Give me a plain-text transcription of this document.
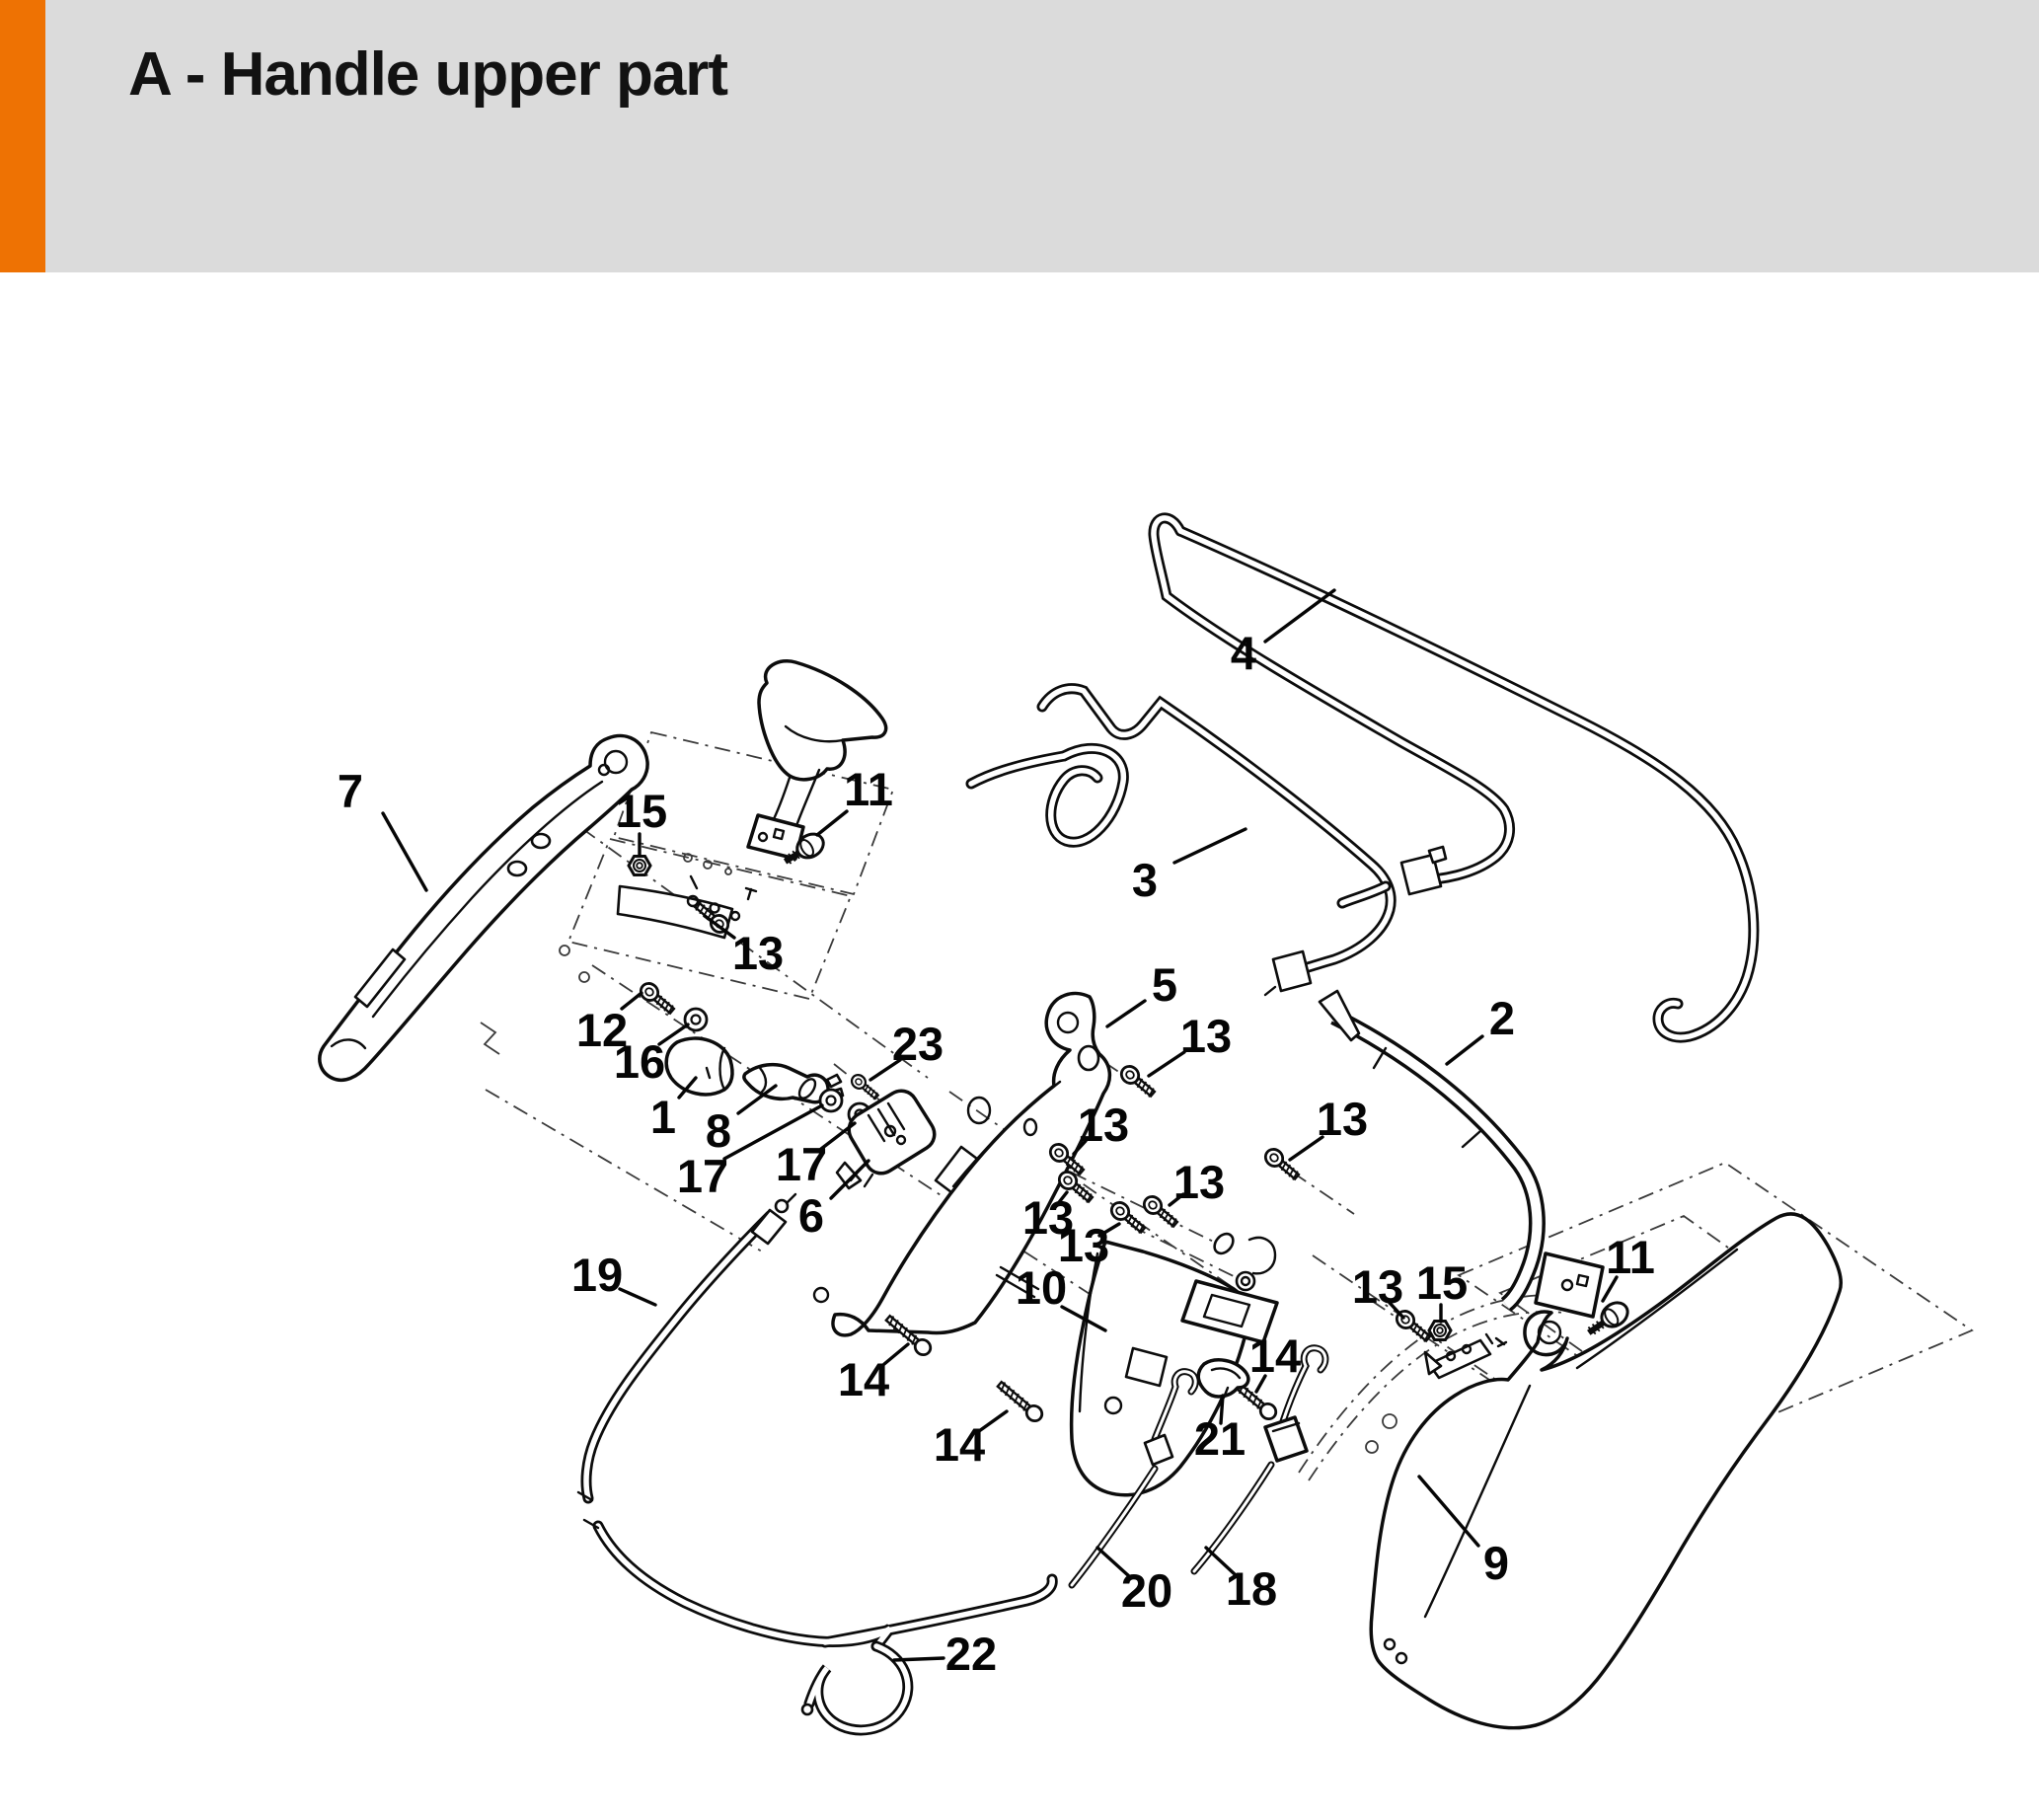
A - Handle upper part
7	15	11
13
12
16
1 8
17 17
6
23
5
4
3
2
13
13
13
13
13
13
10
14
14
14
13 15	11
21
20 18	9
19
22
